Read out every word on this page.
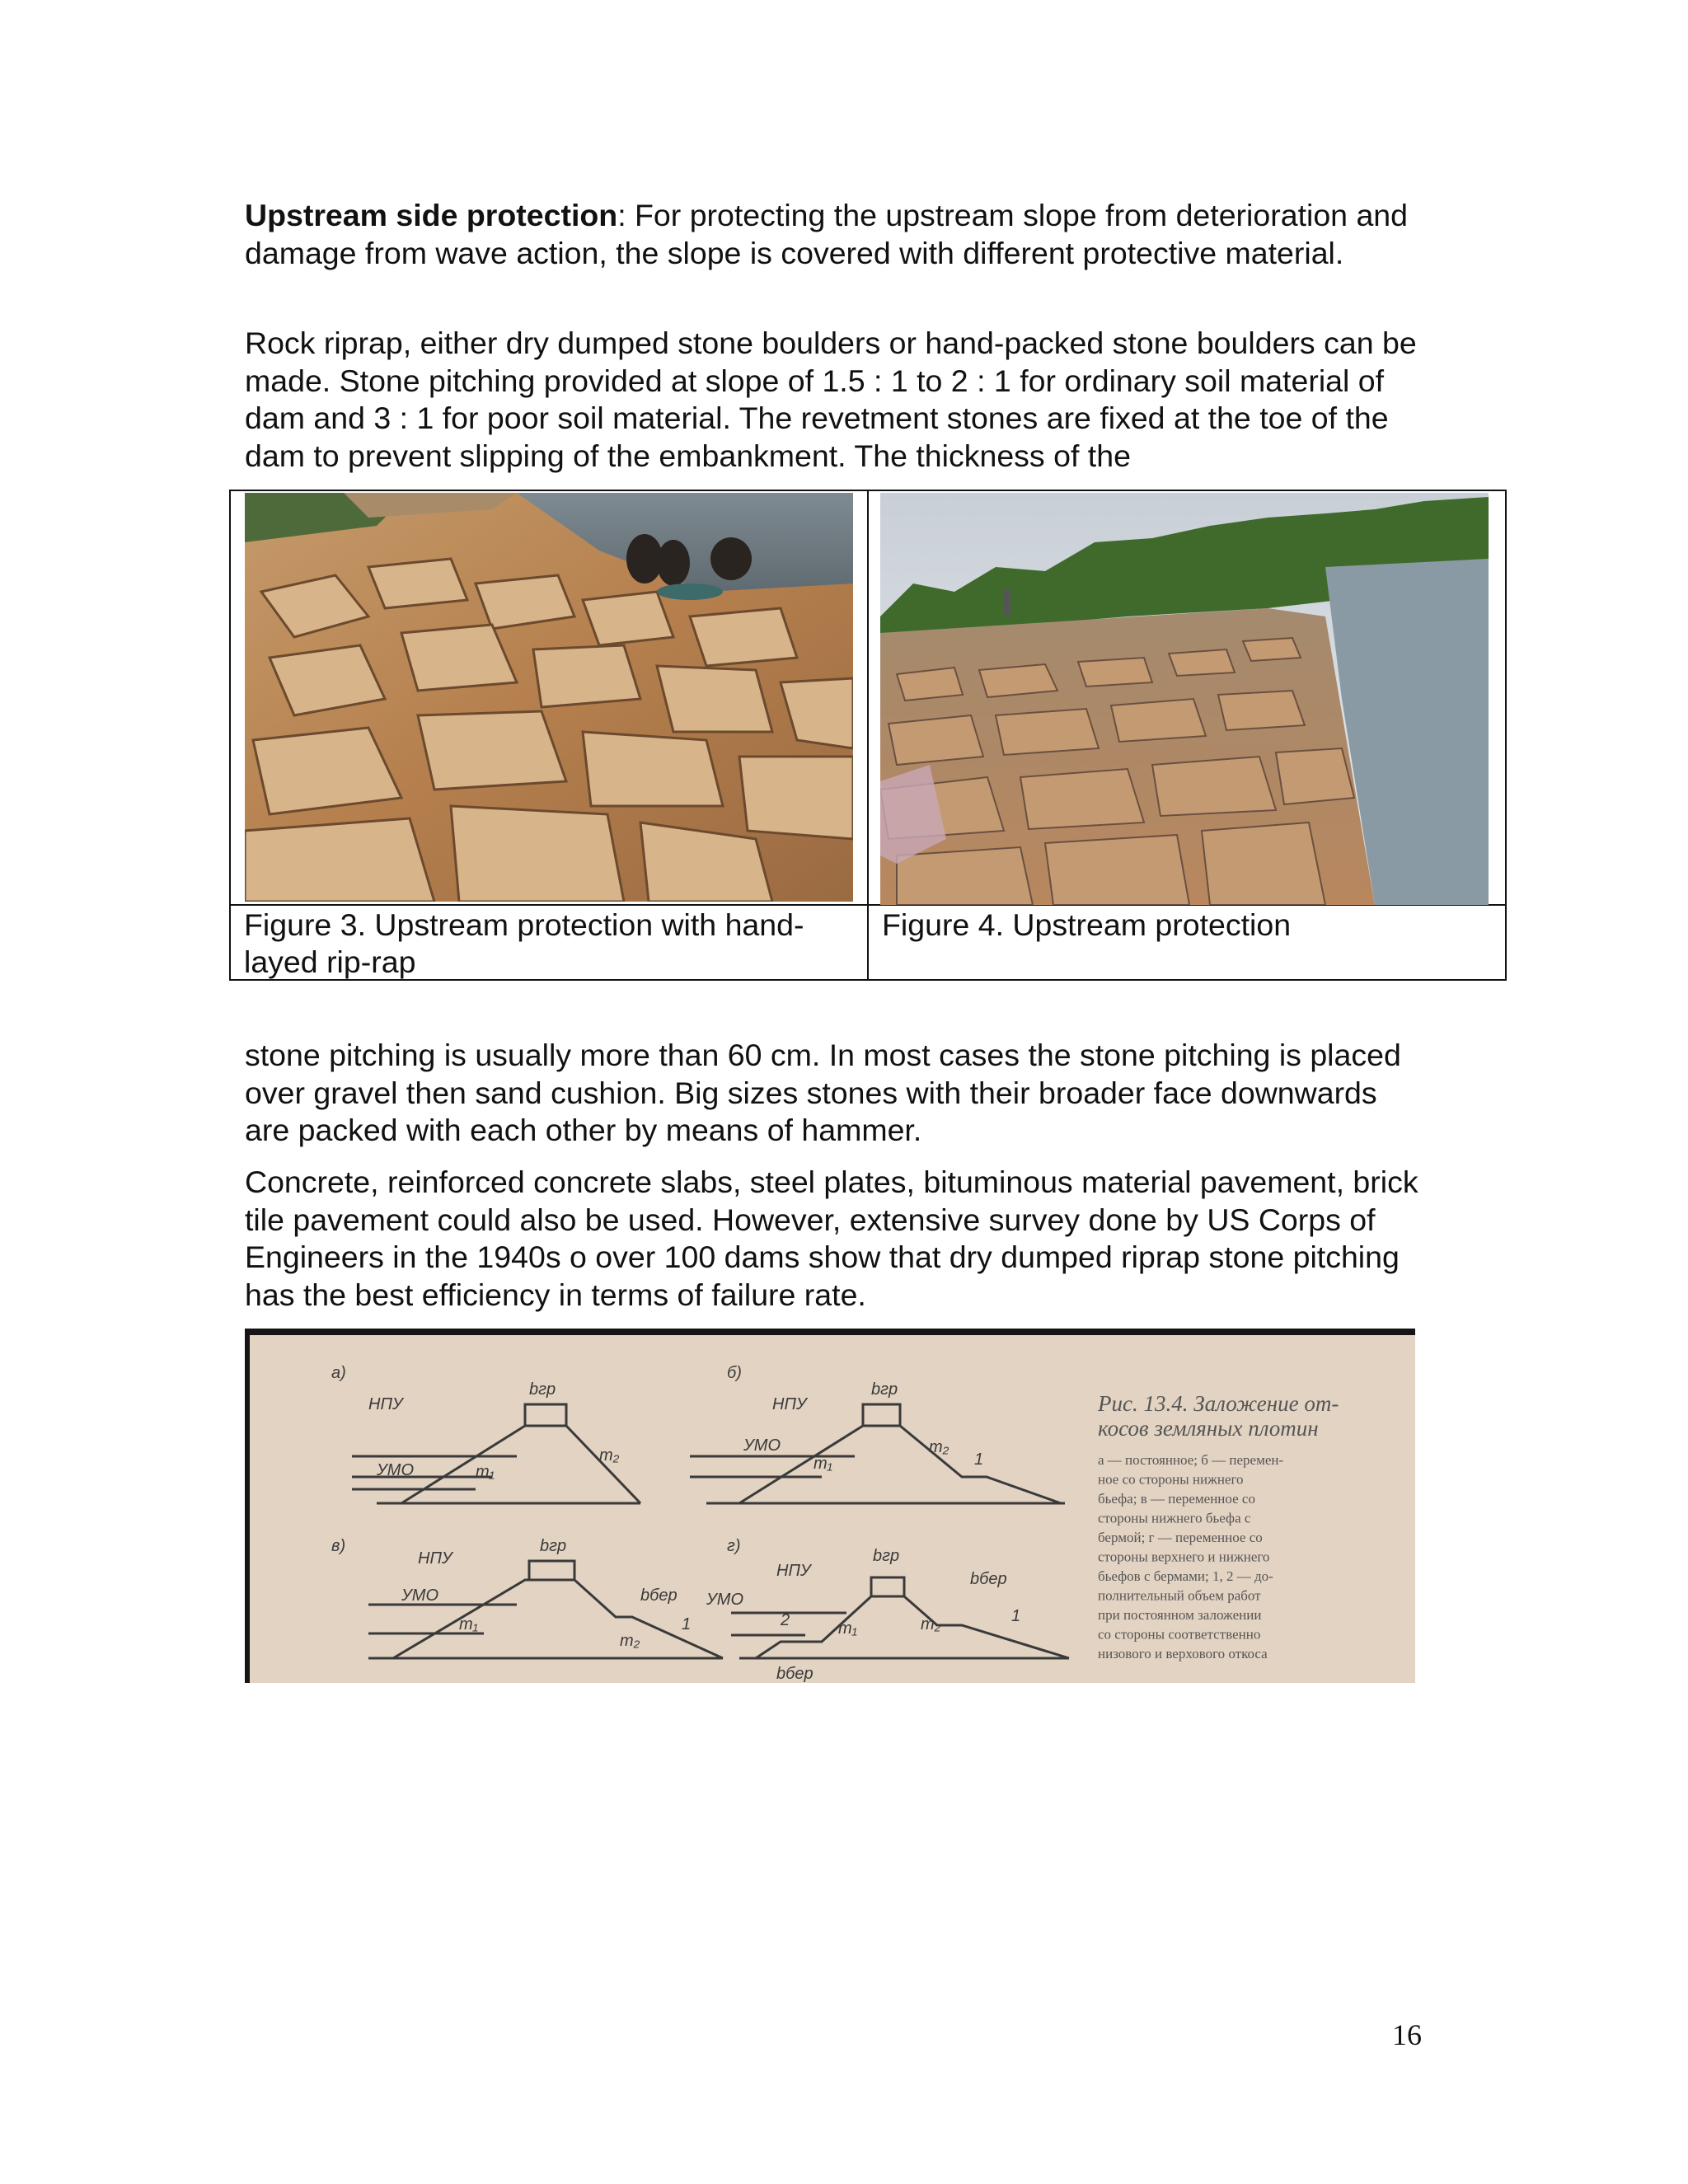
Upstream side protection: For protecting the upstream slope from deterioration and damage from wave action, the slope is covered with different protective material.
Rock riprap, either dry dumped stone boulders or hand-packed stone boulders can be made. Stone pitching provided at slope of 1.5 : 1 to 2 : 1 for ordinary soil material of dam and 3 : 1 for poor soil material. The revetment stones are fixed at the toe of the dam to prevent slipping of the embankment. The thickness of the
Figure 3. Upstream protection with hand-layed rip-rap
Figure 4. Upstream protection
stone pitching is usually more than 60 cm. In most cases the stone pitching is placed over gravel then sand cushion. Big sizes stones with their broader face downwards are packed with each other by means of hammer.
Concrete, reinforced concrete slabs, steel plates, bituminous material pavement, brick tile pavement could also be used. However, extensive survey done by US Corps of Engineers in the 1940s o over 100 dams show that dry dumped riprap stone pitching has the best efficiency in terms of failure rate.
а)	б)
в)	г)
НПУ
УМО
bгр
m₁
m₂
НПУ
УМО
bгр
m₁
m₂
1
НПУ
УМО
bгр
bбер
m₁
m₂
1
НПУ
УМО
bгр
bбер
bбер
m₁	m₂
2	1
Рис. 13.4. Заложение от-
косов земляных плотин
а — постоянное; б — перемен-
ное со стороны нижнего
бьефа; в — переменное со
стороны нижнего бьефа с
бермой; г — переменное со
стороны верхнего и нижнего
бьефов с бермами; 1, 2 — до-
полнительный объем работ
при постоянном заложении
со стороны соответственно
низового и верхового откоса
16
